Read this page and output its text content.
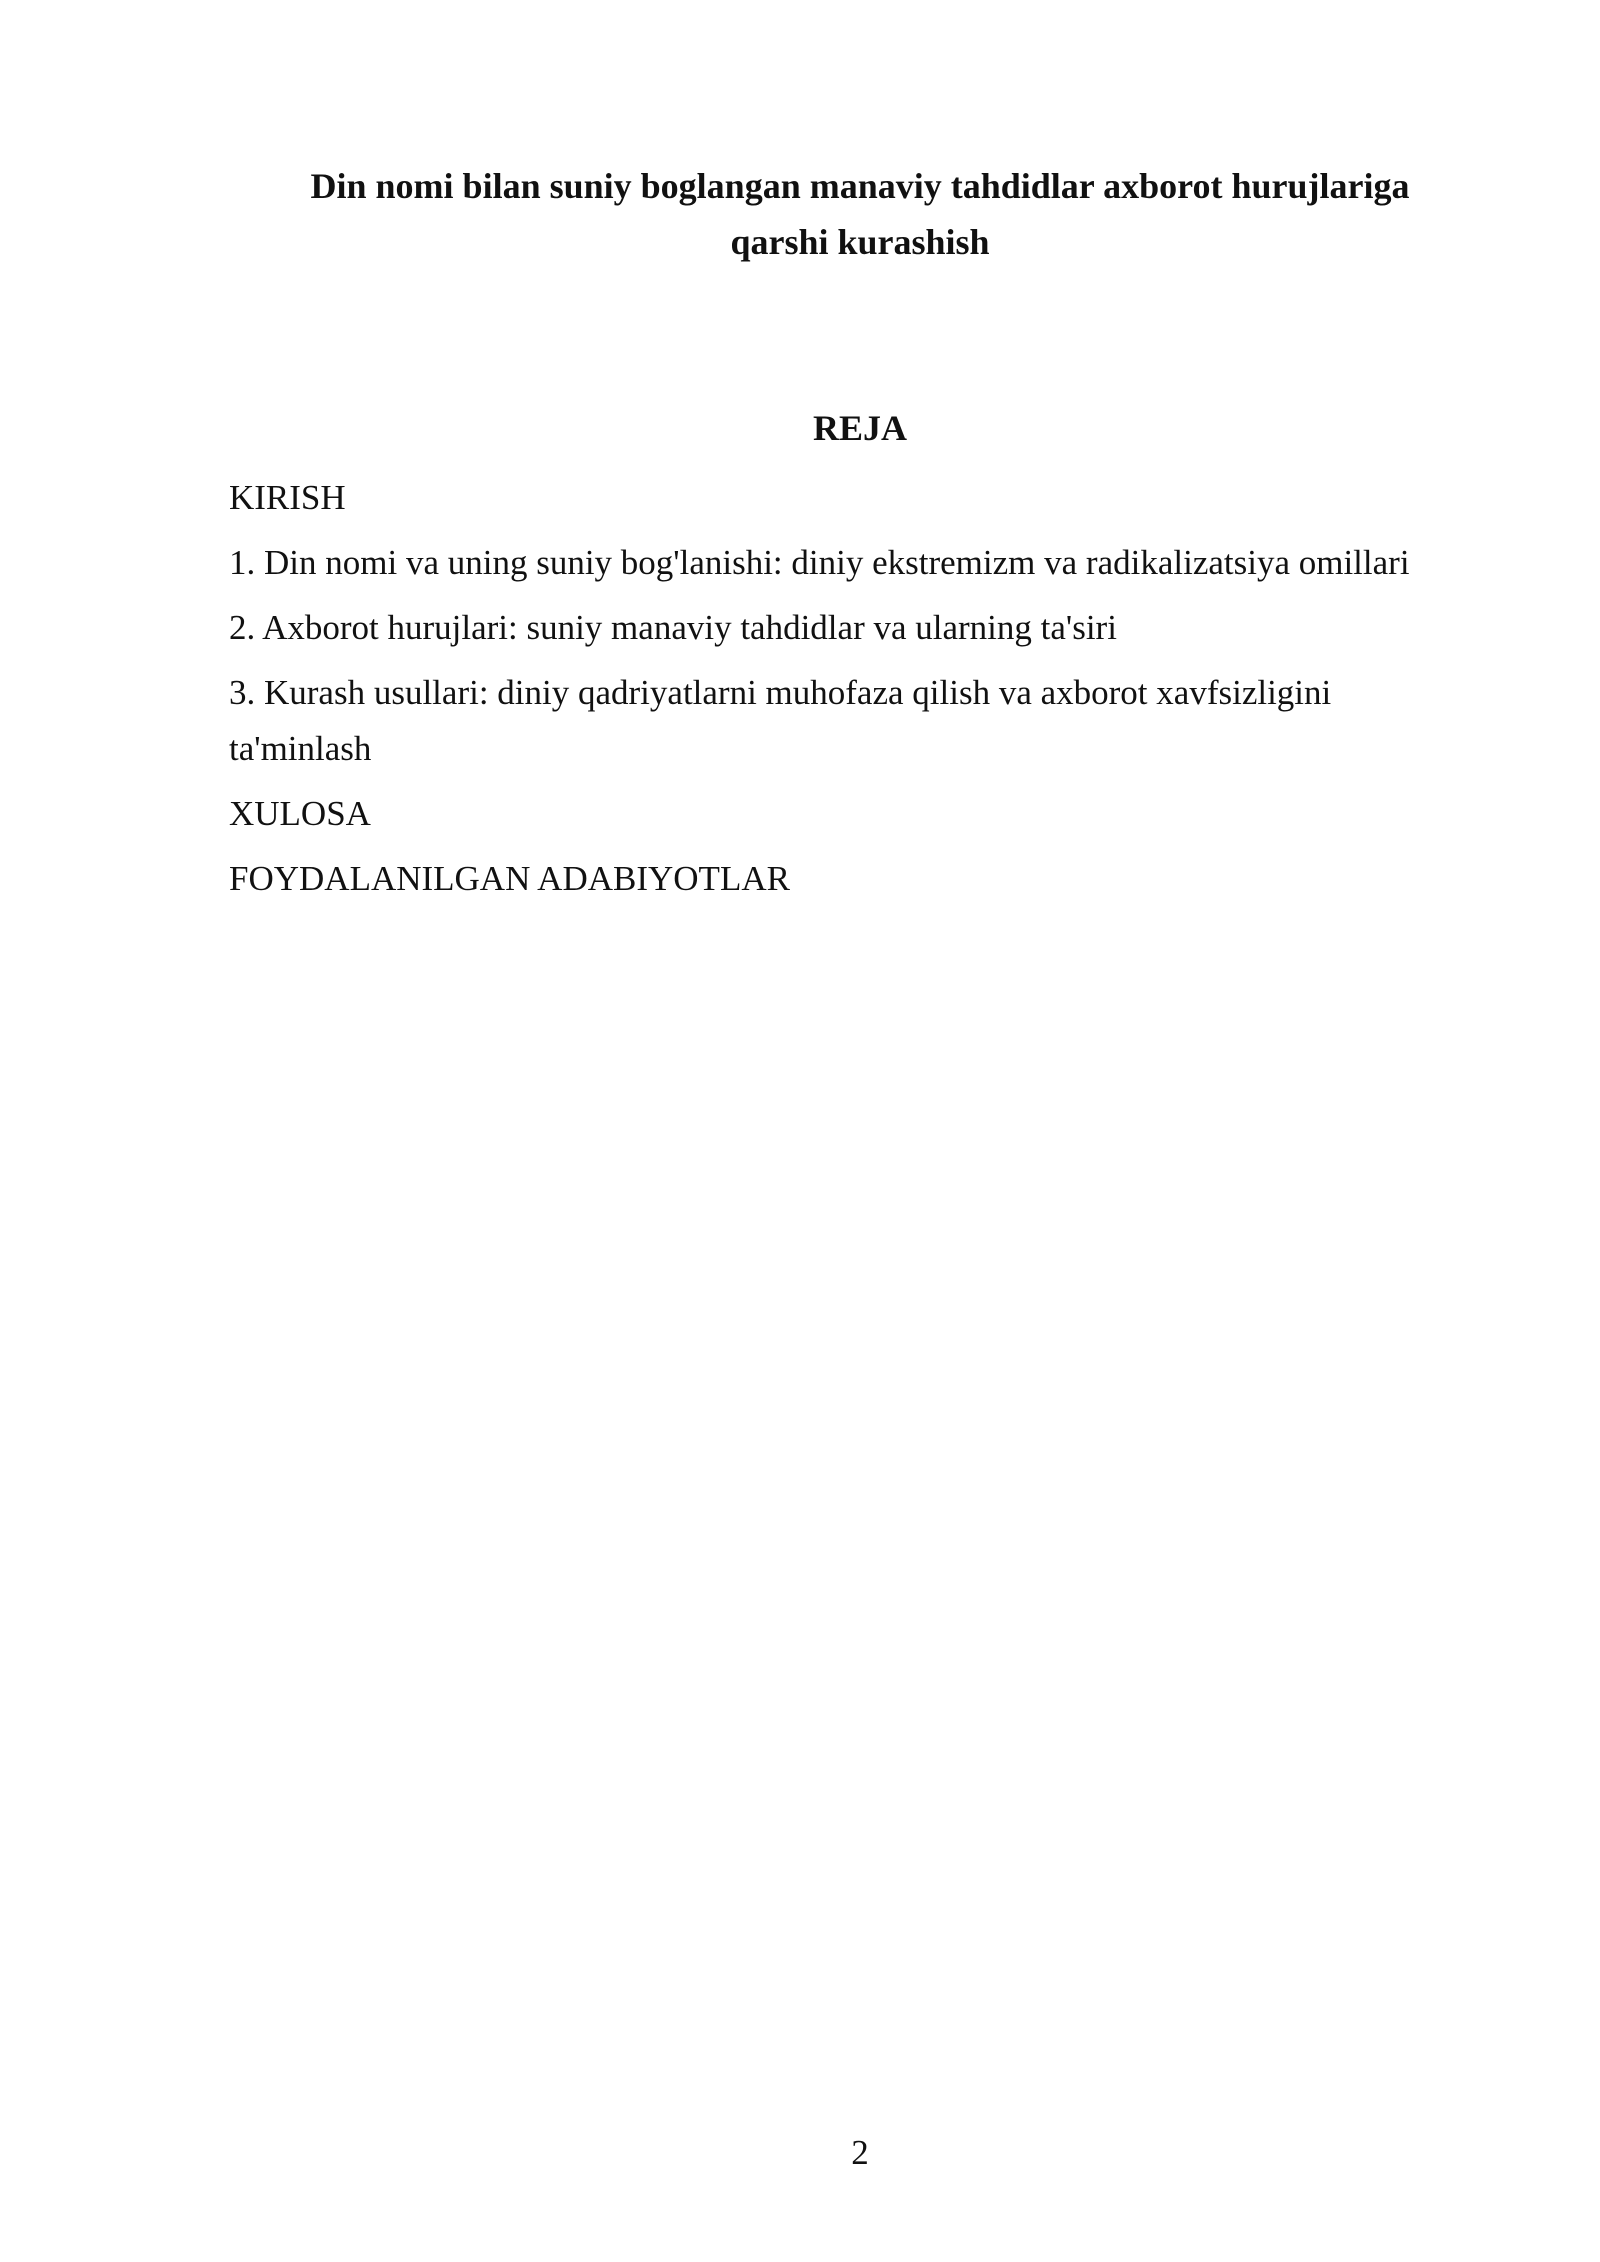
Din nomi bilan suniy boglangan manaviy tahdidlar axborot hurujlariga
qarshi kurashish
REJA
KIRISH
1. Din nomi va uning suniy bog'lanishi: diniy ekstremizm va radikalizatsiya omillari
2. Axborot hurujlari: suniy manaviy tahdidlar va ularning ta'siri
3. Kurash usullari: diniy qadriyatlarni muhofaza qilish va axborot xavfsizligini ta'minlash
XULOSA
FOYDALANILGAN ADABIYOTLAR

2
